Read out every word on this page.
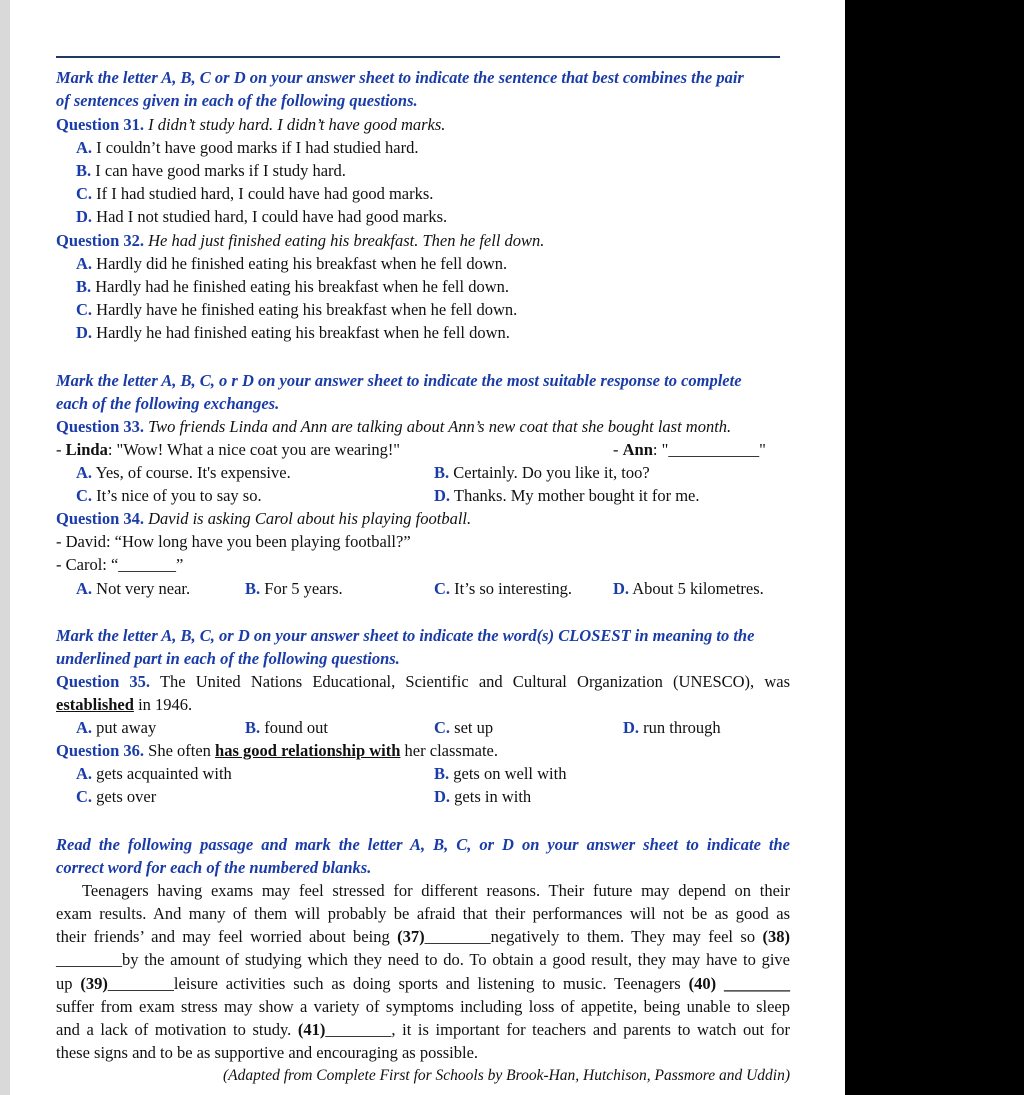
Mark the letter A, B, C or D on your answer sheet to indicate the sentence that best combines the pair
of sentences given in each of the following questions.
Question 31. I didn’t study hard. I didn’t have good marks.
A. I couldn’t have good marks if I had studied hard.
B. I can have good marks if I study hard.
C. If I had studied hard, I could have had good marks.
D. Had I not studied hard, I could have had good marks.
Question 32. He had just finished eating his breakfast. Then he fell down.
A. Hardly did he finished eating his breakfast when he fell down.
B. Hardly had he finished eating his breakfast when he fell down.
C. Hardly have he finished eating his breakfast when he fell down.
D. Hardly he had finished eating his breakfast when he fell down.
Mark the letter A, B, C, o r D on your answer sheet to indicate the most suitable response to complete
each of the following exchanges.
Question 33. Two friends Linda and Ann are talking about Ann’s new coat that she bought last month.
- Linda: "Wow! What a nice coat you are wearing!"	- Ann: "___________"
A. Yes, of course. It's expensive.	B. Certainly. Do you like it, too?
C. It’s nice of you to say so.	D. Thanks. My mother bought it for me.
Question 34. David is asking Carol about his playing football.
- David: “How long have you been playing football?”
- Carol: “_______”
A. Not very near.	B. For 5 years.	C. It’s so interesting. D. About 5 kilometres.
Mark the letter A, B, C, or D on your answer sheet to indicate the word(s) CLOSEST in meaning to the
underlined part in each of the following questions.
Question 35. The United Nations Educational, Scientific and Cultural Organization (UNESCO), was
established in 1946.
A. put away	B. found out	C. set up	D. run through
Question 36. She often has good relationship with her classmate.
A. gets acquainted with	B. gets on well with
C. gets over	D. gets in with
Read the following passage and mark the letter A, B, C, or D on your answer sheet to indicate the
correct word for each of the numbered blanks.
Teenagers having exams may feel stressed for different reasons. Their future may depend on their
exam results. And many of them will probably be afraid that their performances will not be as good as
their friends’ and may feel worried about being (37)________negatively to them. They may feel so (38)
________by the amount of studying which they need to do. To obtain a good result, they may have to give
up (39)________leisure activities such as doing sports and listening to music. Teenagers (40) ________
suffer from exam stress may show a variety of symptoms including loss of appetite, being unable to sleep
and a lack of motivation to study. (41)________, it is important for teachers and parents to watch out for
these signs and to be as supportive and encouraging as possible.
(Adapted from Complete First for Schools by Brook-Han, Hutchison, Passmore and Uddin)
